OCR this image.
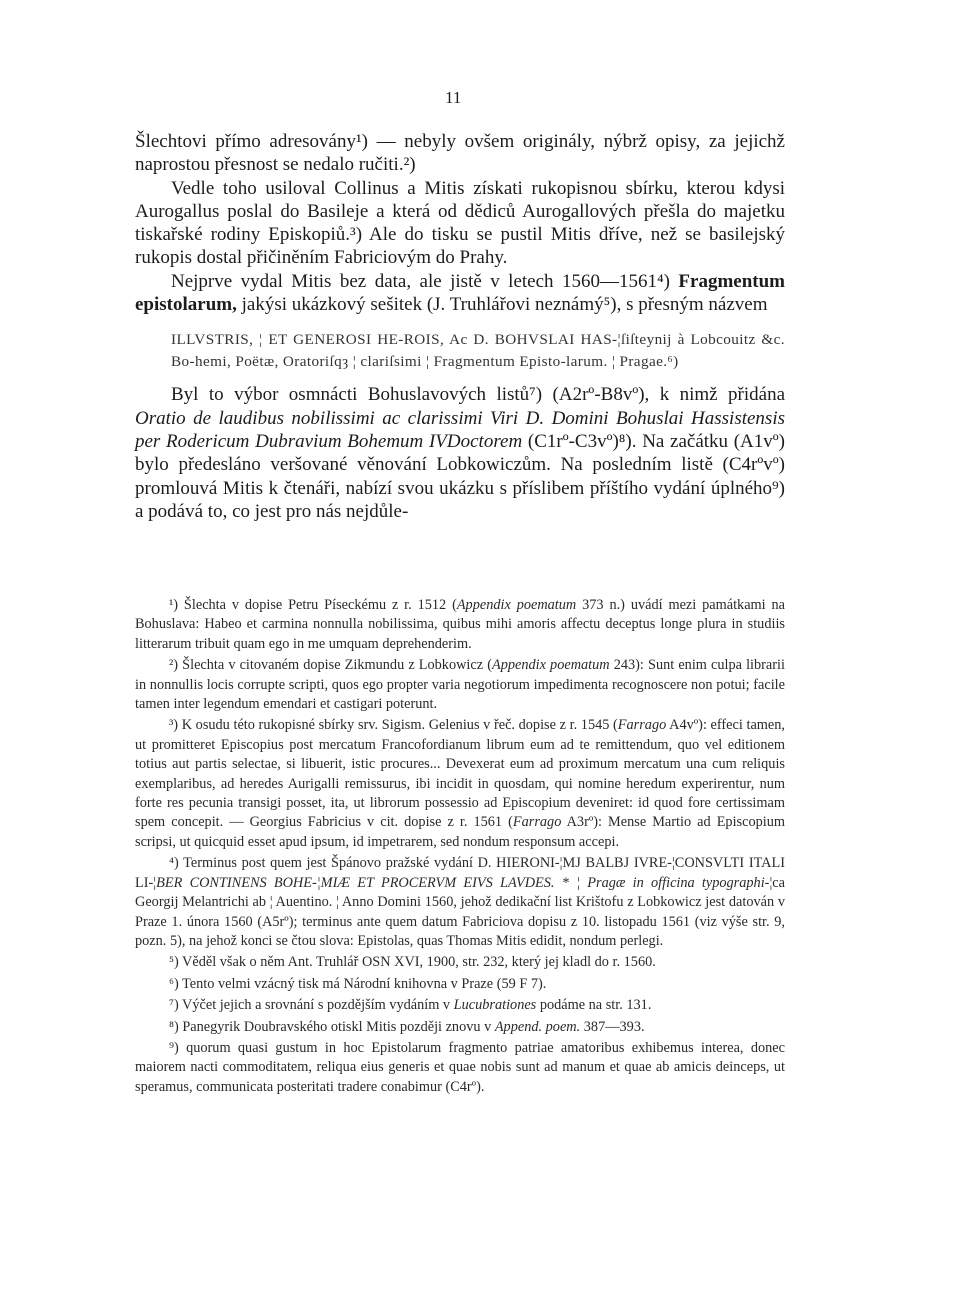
11

Šlechtovi přímo adresovány¹) — nebyly ovšem originály, nýbrž opisy, za jejichž naprostou přesnost se nedalo ručiti.²)

Vedle toho usiloval Collinus a Mitis získati rukopisnou sbírku, kterou kdysi Aurogallus poslal do Basileje a která od dědiců Aurogallových přešla do majetku tiskařské rodiny Episkopiů.³) Ale do tisku se pustil Mitis dříve, než se basilejský rukopis dostal přičiněním Fabriciovým do Prahy.

Nejprve vydal Mitis bez data, ale jistě v letech 1560—1561⁴) Fragmentum epistolarum, jakýsi ukázkový sešitek (J. Truhlářovi neznámý⁵), s přesným názvem

ILLVSTRIS, ¦ ET GENEROSI HE-ROIS, Ac D. BOHVSLAI HAS-¦ſiſteynij à Lobcouitz &c. Bo-hemi, Poëtæ, Oratoriſqȝ ¦ clariſsimi ¦ Fragmentum Episto-larum. ¦ Pragae.⁶)

Byl to výbor osmnácti Bohuslavových listů⁷) (A2rº-B8vº), k nimž přidána Oratio de laudibus nobilissimi ac clarissimi Viri D. Domini Bohuslai Hassistensis per Rodericum Dubravium Bohemum IVDoctorem (C1rº-C3vº)⁸). Na začátku (A1vº) bylo předesláno veršované věnování Lobkowiczům. Na posledním listě (C4rºvº) promlouvá Mitis k čtenáři, nabízí svou ukázku s příslibem příštího vydání úplného⁹) a podává to, co jest pro nás nejdůle-

¹) Šlechta v dopise Petru Píseckému z r. 1512 (Appendix poematum 373 n.) uvádí mezi památkami na Bohuslava: Habeo et carmina nonnulla nobilissima, quibus mihi amoris affectu deceptus longe plura in studiis litterarum tribuit quam ego in me umquam deprehenderim.

²) Šlechta v citovaném dopise Zikmundu z Lobkowicz (Appendix poematum 243): Sunt enim culpa librarii in nonnullis locis corrupte scripti, quos ego propter varia negotiorum impedimenta recognoscere non potui; facile tamen inter legendum emendari et castigari poterunt.

³) K osudu této rukopisné sbírky srv. Sigism. Gelenius v řeč. dopise z r. 1545 (Farrago A4vº): effeci tamen, ut promitteret Episcopius post mercatum Francofordianum librum eum ad te remittendum, quo vel editionem totius aut partis selectae, si libuerit, istic procures... Devexerat eum ad proximum mercatum una cum reliquis exemplaribus, ad heredes Aurigalli remissurus, ibi incidit in quosdam, qui nomine heredum experirentur, num forte res pecunia transigi posset, ita, ut librorum possessio ad Episcopium deveniret: id quod fore certissimam spem concepit. — Georgius Fabricius v cit. dopise z r. 1561 (Farrago A3rº): Mense Martio ad Episcopium scripsi, ut quicquid esset apud ipsum, id impetrarem, sed nondum responsum accepi.

⁴) Terminus post quem jest Špánovo pražské vydání D. HIERONI-¦MJ BALBJ IVRE-¦CONSVLTI ITALI LI-¦BER CONTINENS BOHE-¦MIÆ ET PROCERVM EIVS LAVDES. * ¦ Pragæ in officina typographi-¦ca Georgij Melantrichi ab ¦ Auentino. ¦ Anno Domini 1560, jehož dedikační list Krištofu z Lobkowicz jest datován v Praze 1. února 1560 (A5rº); terminus ante quem datum Fabriciova dopisu z 10. listopadu 1561 (viz výše str. 9, pozn. 5), na jehož konci se čtou slova: Epistolas, quas Thomas Mitis edidit, nondum perlegi.

⁵) Věděl však o něm Ant. Truhlář OSN XVI, 1900, str. 232, který jej kladl do r. 1560.

⁶) Tento velmi vzácný tisk má Národní knihovna v Praze (59 F 7).

⁷) Výčet jejich a srovnání s pozdějším vydáním v Lucubrationes podáme na str. 131.

⁸) Panegyrik Doubravského otiskl Mitis později znovu v Append. poem. 387—393.

⁹) quorum quasi gustum in hoc Epistolarum fragmento patriae amatoribus exhibemus interea, donec maiorem nacti commoditatem, reliqua eius generis et quae nobis sunt ad manum et quae ab amicis deinceps, ut speramus, communicata posteritati tradere conabimur (C4rº).
